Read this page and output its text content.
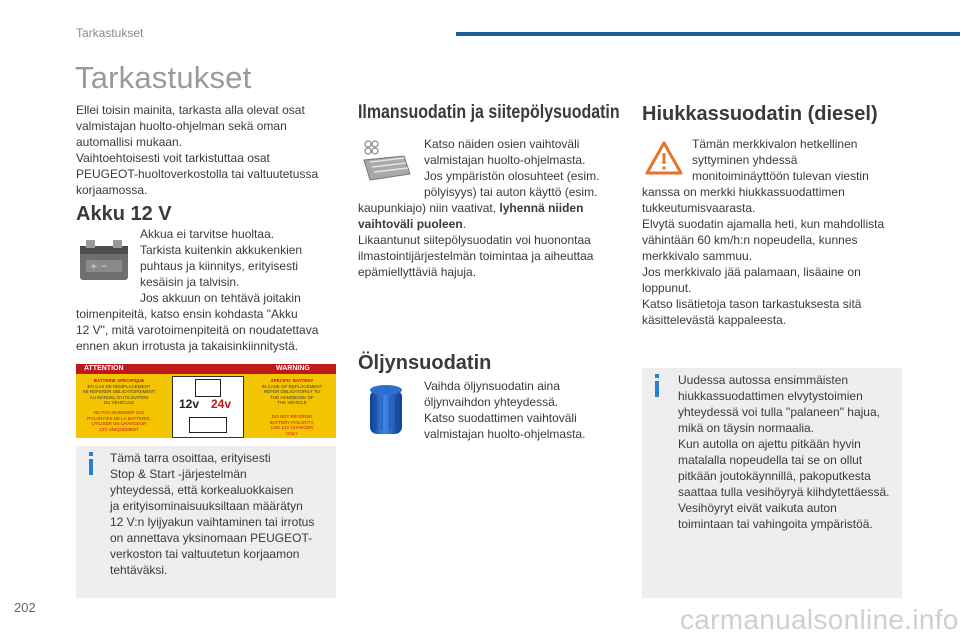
Tarkastukset
Tarkastukset
Ellei toisin mainita, tarkasta alla olevat osat
valmistajan huolto-ohjelman sekä oman
automallisi mukaan.
Vaihtoehtoisesti voit tarkistuttaa osat
PEUGEOT-huoltoverkostolla tai valtuutetussa
korjaamossa.
Akku 12 V
+ −
Akkua ei tarvitse huoltaa.
Tarkista kuitenkin akkukenkien
puhtaus ja kiinnitys, erityisesti
kesäisin ja talvisin.
Jos akkuun on tehtävä joitakin
toimenpiteitä, katso ensin kohdasta "Akku
12 V", mitä varotoimenpiteitä on noudatettava
ennen akun irrotusta ja takaisinkiinnitystä.
ATTENTION	WARNING
BATTERIE SPECIFIQUE
EN CAS DE REMPLACEMENT
SE REFERER OBLIGATOIREMENT
AU MANUEL D'UTILISATION
DU VEHICULE
NE PAS INVERSER LES
POLARITES DE LA BATTERIE,
UTILISER UN CHARGEUR
12V UNIQUEMENT
12v 24v
SPECIFIC BATTERY
IN CASE OF REPLACEMENT
REFER OBLIGATORILY TO
THE HANDBOOK OF
THE VEHICLE
DO NOT REVERSE
BATTERY POLARITY,
USE 12V CHARGER
ONLY
Tämä tarra osoittaa, erityisesti
Stop & Start -järjestelmän
yhteydessä, että korkealuokkaisen
ja erityisominaisuuksiltaan määrätyn
12 V:n lyijyakun vaihtaminen tai irrotus
on annettava yksinomaan PEUGEOT-
verkoston tai valtuutetun korjaamon
tehtäväksi.
Ilmansuodatin ja siitepölysuodatin
Katso näiden osien vaihtoväli
valmistajan huolto-ohjelmasta.
Jos ympäristön olosuhteet (esim.
pölyisyys) tai auton käyttö (esim.
kaupunkiajo) niin vaativat, lyhennä niiden
vaihtoväli puoleen.
Likaantunut siitepölysuodatin voi huonontaa
ilmastointijärjestelmän toimintaa ja aiheuttaa
epämiellyttäviä hajuja.
Öljynsuodatin
Vaihda öljynsuodatin aina
öljynvaihdon yhteydessä.
Katso suodattimen vaihtoväli
valmistajan huolto-ohjelmasta.
Hiukkassuodatin (diesel)
Tämän merkkivalon hetkellinen
syttyminen yhdessä
monitoiminäyttöön tulevan viestin
kanssa on merkki hiukkassuodattimen
tukkeutumisvaarasta.
Elvytä suodatin ajamalla heti, kun mahdollista
vähintään 60 km/h:n nopeudella, kunnes
merkkivalo sammuu.
Jos merkkivalo jää palamaan, lisäaine on
loppunut.
Katso lisätietoja tason tarkastuksesta sitä
käsittelevästä kappaleesta.
Uudessa autossa ensimmäisten
hiukkassuodattimen elvytystoimien
yhteydessä voi tulla "palaneen" hajua,
mikä on täysin normaalia.
Kun autolla on ajettu pitkään hyvin
matalalla nopeudella tai se on ollut
pitkään joutokäynnillä, pakoputkesta
saattaa tulla vesihöyryä kiihdytettäessä.
Vesihöyryt eivät vaikuta auton
toimintaan tai vahingoita ympäristöä.
202	carmanualsonline.info
